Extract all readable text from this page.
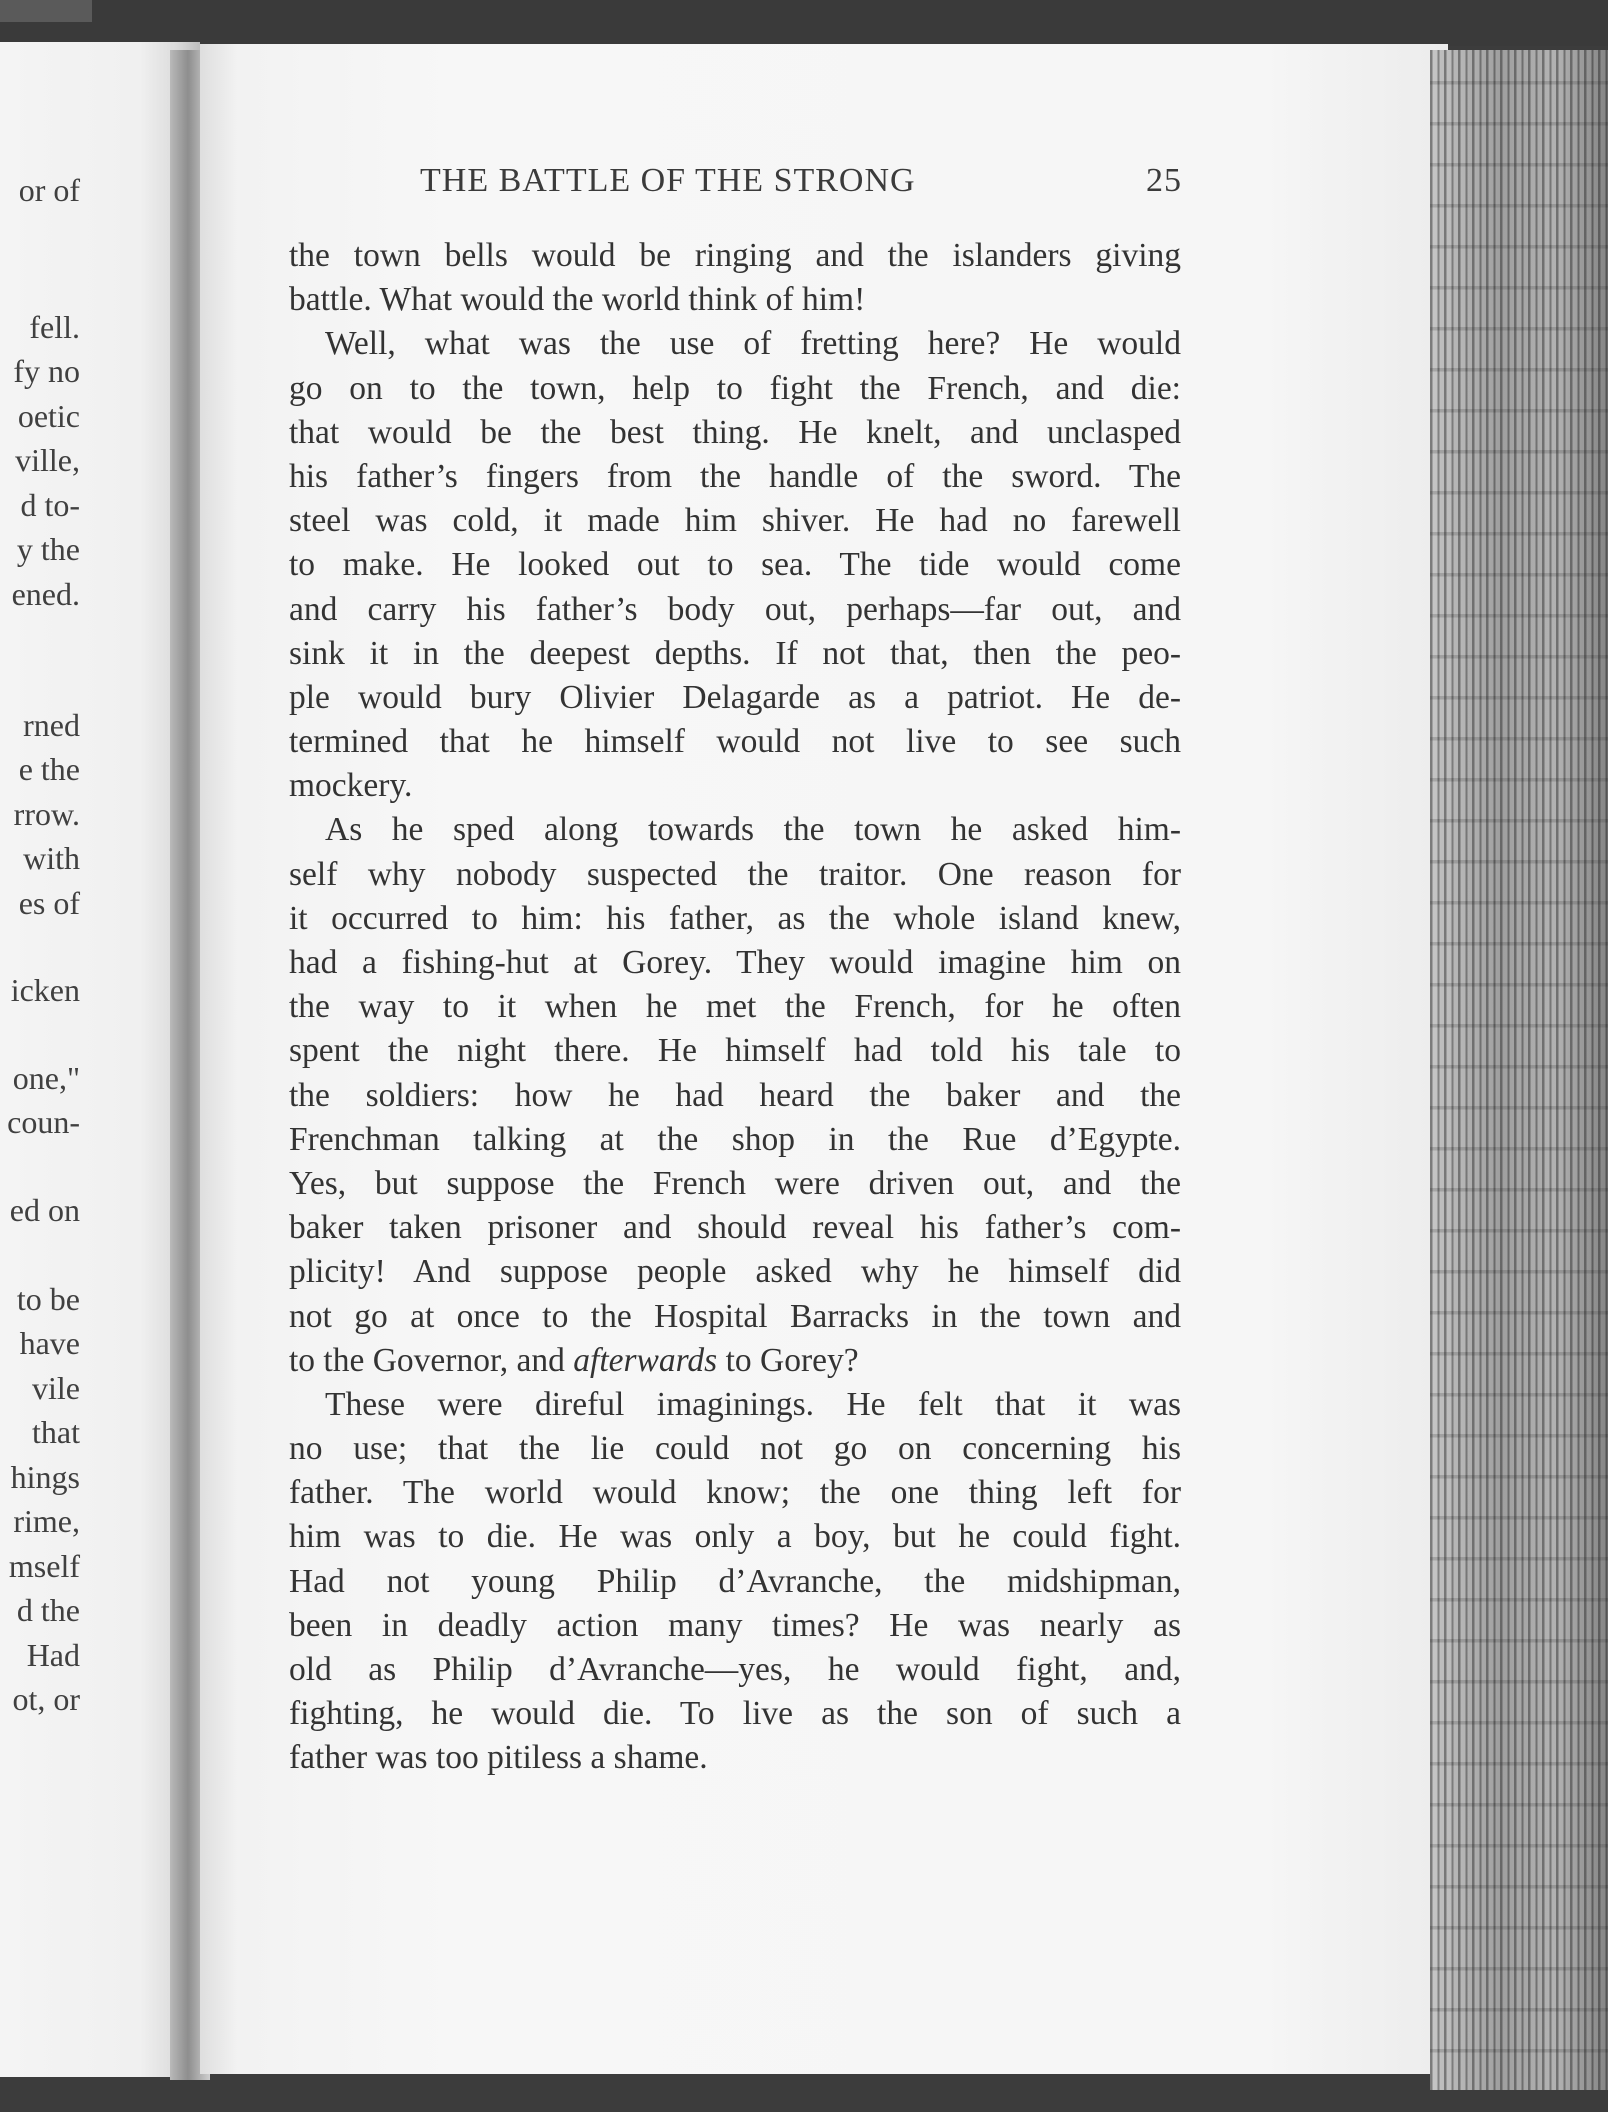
or of
fell.
fy no
oetic
ville,
d to-
y the
ened.
rned
e the
rrow.
with
es of
icken
one,"
coun-
ed on
to be
have
vile
that
hings
rime,
mself
d the
Had
ot, or
THE BATTLE OF THE STRONG	25
the town bells would be ringing and the islanders giving
battle. What would the world think of him!
Well, what was the use of fretting here? He would
go on to the town, help to fight the French, and die:
that would be the best thing. He knelt, and unclasped
his father’s fingers from the handle of the sword. The
steel was cold, it made him shiver. He had no farewell
to make. He looked out to sea. The tide would come
and carry his father’s body out, perhaps—far out, and
sink it in the deepest depths. If not that, then the peo-
ple would bury Olivier Delagarde as a patriot. He de-
termined that he himself would not live to see such
mockery.
As he sped along towards the town he asked him-
self why nobody suspected the traitor. One reason for
it occurred to him: his father, as the whole island knew,
had a fishing-hut at Gorey. They would imagine him on
the way to it when he met the French, for he often
spent the night there. He himself had told his tale to
the soldiers: how he had heard the baker and the
Frenchman talking at the shop in the Rue d’Egypte.
Yes, but suppose the French were driven out, and the
baker taken prisoner and should reveal his father’s com-
plicity! And suppose people asked why he himself did
not go at once to the Hospital Barracks in the town and
to the Governor, and afterwards to Gorey?
These were direful imaginings. He felt that it was
no use; that the lie could not go on concerning his
father. The world would know; the one thing left for
him was to die. He was only a boy, but he could fight.
Had not young Philip d’Avranche, the midshipman,
been in deadly action many times? He was nearly as
old as Philip d’Avranche—yes, he would fight, and,
fighting, he would die. To live as the son of such a
father was too pitiless a shame.
